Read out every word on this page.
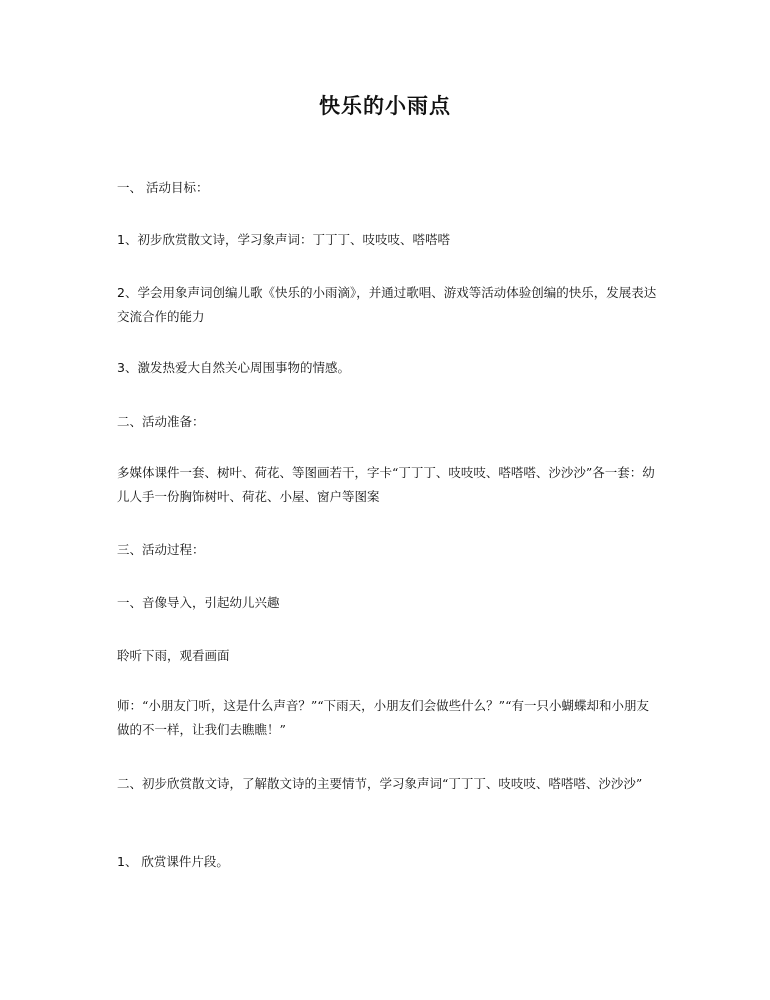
快乐的小雨点
一、 活动目标：
1、初步欣赏散文诗，学习象声词：丁丁丁、吱吱吱、嗒嗒嗒
2、学会用象声词创编儿歌《快乐的小雨滴》，并通过歌唱、游戏等活动体验创编的快乐，发展表达交流合作的能力
3、激发热爱大自然关心周围事物的情感。
二、活动准备：
多媒体课件一套、树叶、荷花、等图画若干，字卡“丁丁丁、吱吱吱、嗒嗒嗒、沙沙沙”各一套：幼儿人手一份胸饰树叶、荷花、小屋、窗户等图案
三、活动过程：
一、音像导入，引起幼儿兴趣
聆听下雨，观看画面
师：“小朋友门听，这是什么声音？”“下雨天，小朋友们会做些什么？”“有一只小蝴蝶却和小朋友做的不一样，让我们去瞧瞧！”
二、初步欣赏散文诗，了解散文诗的主要情节，学习象声词“丁丁丁、吱吱吱、嗒嗒嗒、沙沙沙”
1、 欣赏课件片段。
